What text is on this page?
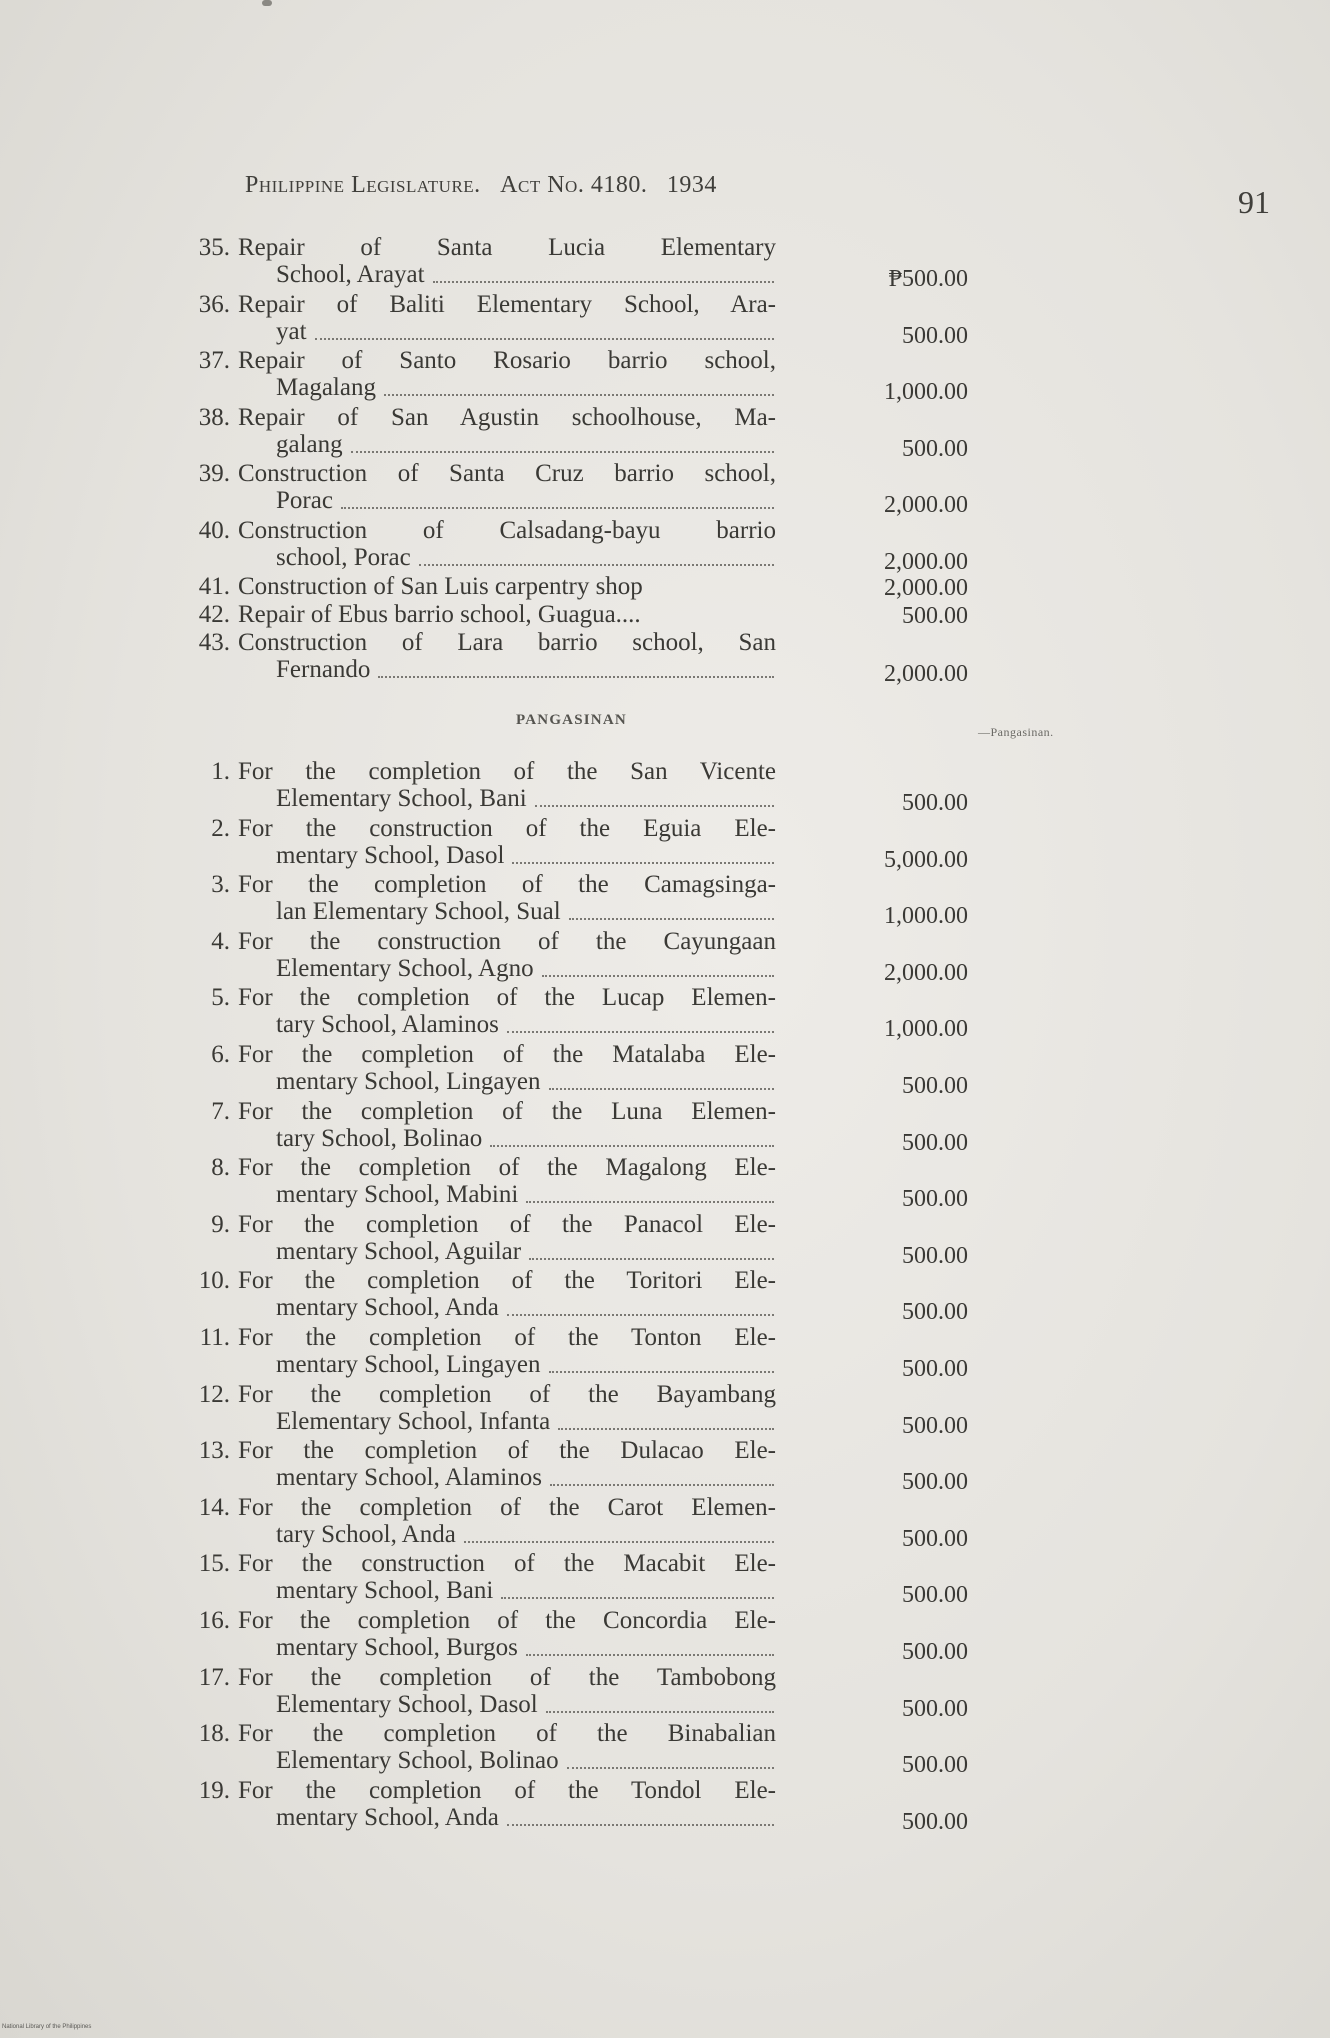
Philippine Legislature. Act No. 4180. 1934	91
35. Repair of Santa Lucia Elementary
School, Arayat	₱500.00
36. Repair of Baliti Elementary School, Ara-
yat	500.00
37. Repair of Santo Rosario barrio school,
Magalang	1,000.00
38. Repair of San Agustin schoolhouse, Ma-
galang	500.00
39. Construction of Santa Cruz barrio school,
Porac	2,000.00
40. Construction of Calsadang-bayu barrio
school, Porac	2,000.00
41. Construction of San Luis carpentry shop	2,000.00
42. Repair of Ebus barrio school, Guagua....	500.00
43. Construction of Lara barrio school, San
Fernando	2,000.00
PANGASINAN
—Pangasinan.
1. For the completion of the San Vicente
Elementary School, Bani	500.00
2. For the construction of the Eguia Ele-
mentary School, Dasol	5,000.00
3. For the completion of the Camagsinga-
lan Elementary School, Sual	1,000.00
4. For the construction of the Cayungaan
Elementary School, Agno	2,000.00
5. For the completion of the Lucap Elemen-
tary School, Alaminos	1,000.00
6. For the completion of the Matalaba Ele-
mentary School, Lingayen	500.00
7. For the completion of the Luna Elemen-
tary School, Bolinao	500.00
8. For the completion of the Magalong Ele-
mentary School, Mabini	500.00
9. For the completion of the Panacol Ele-
mentary School, Aguilar	500.00
10. For the completion of the Toritori Ele-
mentary School, Anda	500.00
11. For the completion of the Tonton Ele-
mentary School, Lingayen	500.00
12. For the completion of the Bayambang
Elementary School, Infanta	500.00
13. For the completion of the Dulacao Ele-
mentary School, Alaminos	500.00
14. For the completion of the Carot Elemen-
tary School, Anda	500.00
15. For the construction of the Macabit Ele-
mentary School, Bani	500.00
16. For the completion of the Concordia Ele-
mentary School, Burgos	500.00
17. For the completion of the Tambobong
Elementary School, Dasol	500.00
18. For the completion of the Binabalian
Elementary School, Bolinao	500.00
19. For the completion of the Tondol Ele-
mentary School, Anda	500.00
National Library of the Philippines
